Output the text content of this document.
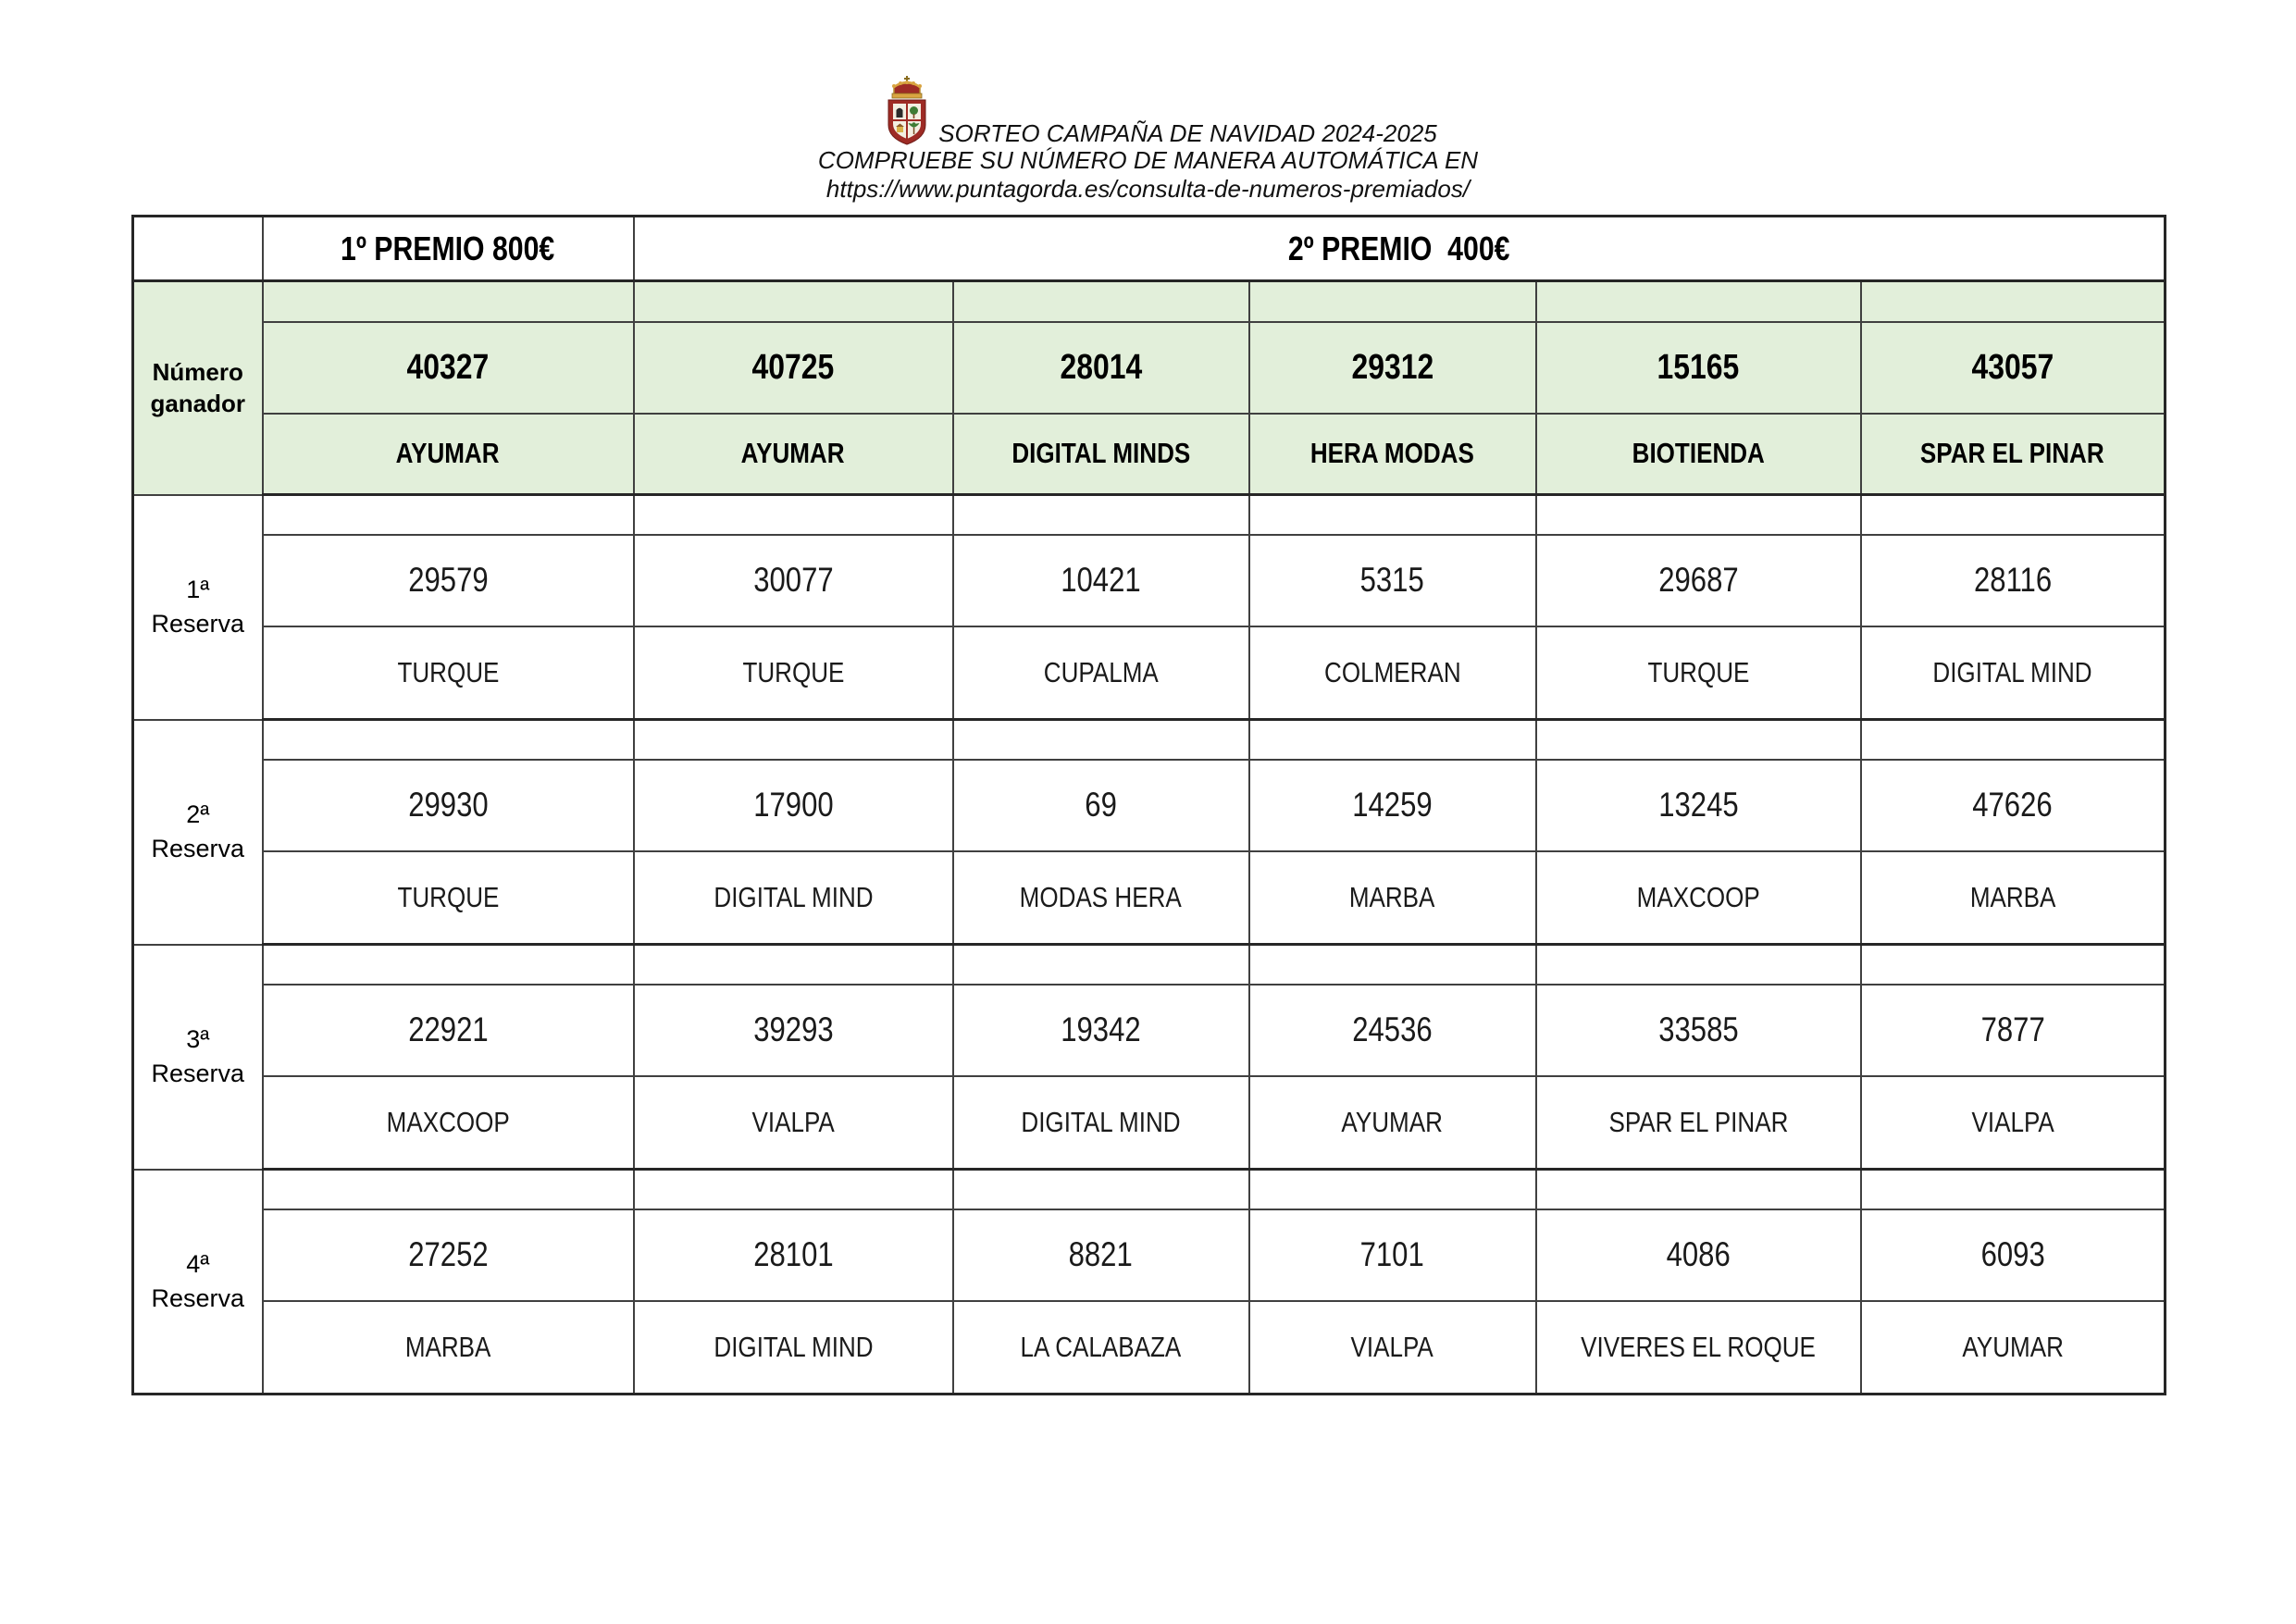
SORTEO CAMPAÑA DE NAVIDAD 2024-2025
COMPRUEBE SU NÚMERO DE MANERA AUTOMÁTICA EN
https://www.puntagorda.es/consulta-de-numeros-premiados/
	1º PREMIO 800€	2º PREMIO  400€				
Número ganador						
	40327	40725	28014	29312	15165	43057
	AYUMAR	AYUMAR	DIGITAL MINDS	HERA MODAS	BIOTIENDA	SPAR EL PINAR
1ª Reserva						
	29579	30077	10421	5315	29687	28116
	TURQUE	TURQUE	CUPALMA	COLMERAN	TURQUE	DIGITAL MIND
2ª Reserva						
	29930	17900	69	14259	13245	47626
	TURQUE	DIGITAL MIND	MODAS HERA	MARBA	MAXCOOP	MARBA
3ª Reserva						
	22921	39293	19342	24536	33585	7877
	MAXCOOP	VIALPA	DIGITAL MIND	AYUMAR	SPAR EL PINAR	VIALPA
4ª Reserva						
	27252	28101	8821	7101	4086	6093
	MARBA	DIGITAL MIND	LA CALABAZA	VIALPA	VIVERES EL ROQUE	AYUMAR
